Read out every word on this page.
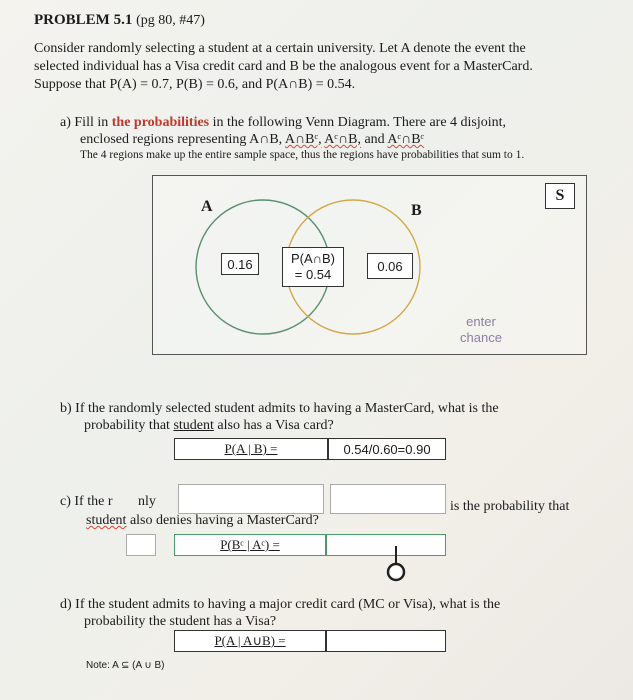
PROBLEM 5.1 (pg 80, #47)
Consider randomly selecting a student at a certain university. Let A denote the event the
selected individual has a Visa credit card and B be the analogous event for a MasterCard.
Suppose that P(A) = 0.7, P(B) = 0.6, and P(A∩B) = 0.54.
a) Fill in the probabilities in the following Venn Diagram. There are 4 disjoint,
enclosed regions representing A∩B, A∩Bᶜ, Aᶜ∩B, and Aᶜ∩Bᶜ
The 4 regions make up the entire sample space, thus the regions have probabilities that sum to 1.
S
A	B
0.16	P(A∩B)
= 0.54
0.06
enter
chance
b) If the randomly selected student admits to having a MasterCard, what is the
probability that student also has a Visa card?
P(A | B) =	0.54/0.60=0.90
c) If the r nly	is the probability that
student also denies having a MasterCard?
P(Bᶜ | Aᶜ) =
d) If the student admits to having a major credit card (MC or Visa), what is the
probability the student has a Visa?
P(A | A∪B) =
Note: A ⊆ (A ∪ B)
